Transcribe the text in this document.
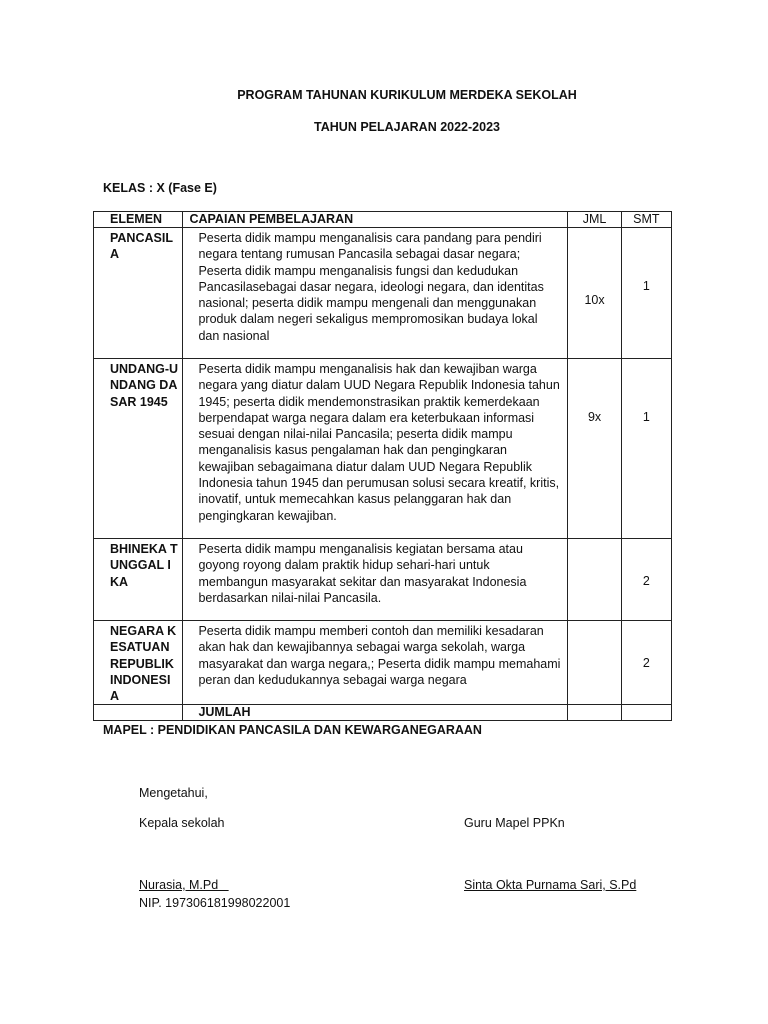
PROGRAM TAHUNAN KURIKULUM MERDEKA SEKOLAH
TAHUN PELAJARAN 2022-2023
KELAS : X (Fase E)
ELEMEN	CAPAIAN PEMBELAJARAN	JML	SMT
PANCASILA	Peserta didik mampu menganalisis cara pandang para pendiri negara tentang rumusan Pancasila sebagai dasar negara; Peserta didik mampu menganalisis fungsi dan kedudukan Pancasilasebagai dasar negara, ideologi negara, dan identitas nasional; peserta didik mampu mengenali dan menggunakan produk dalam negeri sekaligus mempromosikan budaya lokal dan nasional	10x	1
UNDANG-UNDANG DASAR 1945	Peserta didik mampu menganalisis hak dan kewajiban warga negara yang diatur dalam UUD Negara Republik Indonesia tahun 1945; peserta didik mendemonstrasikan praktik kemerdekaan berpendapat warga negara dalam era keterbukaan informasi sesuai dengan nilai-nilai Pancasila; peserta didik mampu menganalisis kasus pengalaman hak dan pengingkaran kewajiban sebagaimana diatur dalam UUD Negara Republik Indonesia tahun 1945 dan perumusan solusi secara kreatif, kritis, inovatif, untuk memecahkan kasus pelanggaran hak dan pengingkaran kewajiban.	9x	1
BHINEKA TUNGGAL IKA	Peserta didik mampu menganalisis kegiatan bersama atau goyong royong dalam praktik hidup sehari-hari untuk membangun masyarakat sekitar dan masyarakat Indonesia berdasarkan nilai-nilai Pancasila.		2
NEGARA KESATUAN REPUBLIK INDONESIA	Peserta didik mampu memberi contoh dan memiliki kesadaran akan hak dan kewajibannya sebagai warga sekolah, warga masyarakat dan warga negara,; Peserta didik mampu memahami peran dan kedudukannya sebagai warga negara		2
	JUMLAH		
MAPEL : PENDIDIKAN PANCASILA DAN KEWARGANEGARAAN
Mengetahui,
Kepala sekolah	Guru Mapel PPKn
Nurasia, M.Pd	Sinta Okta Purnama Sari, S.Pd
NIP. 197306181998022001
